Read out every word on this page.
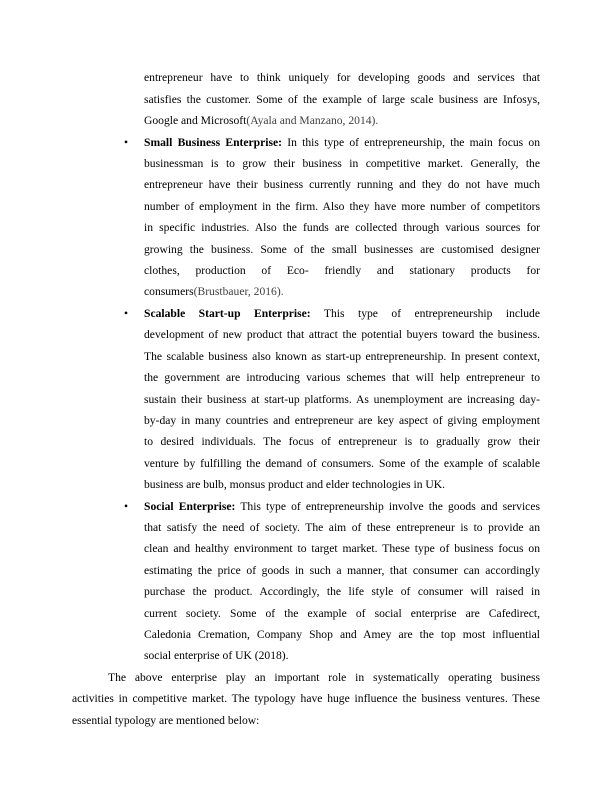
entrepreneur have to think uniquely for developing goods and services that
satisfies the customer. Some of the example of large scale business are Infosys,
Google and Microsoft(Ayala and Manzano, 2014).
• Small Business Enterprise: In this type of entrepreneurship, the main focus on
businessman is to grow their business in competitive market. Generally, the
entrepreneur have their business currently running and they do not have much
number of employment in the firm. Also they have more number of competitors
in specific industries. Also the funds are collected through various sources for
growing the business. Some of the small businesses are customised designer
clothes, production of Eco- friendly and stationary products for
consumers(Brustbauer, 2016).
• Scalable Start-up Enterprise: This type of entrepreneurship include
development of new product that attract the potential buyers toward the business.
The scalable business also known as start-up entrepreneurship. In present context,
the government are introducing various schemes that will help entrepreneur to
sustain their business at start-up platforms. As unemployment are increasing day-
by-day in many countries and entrepreneur are key aspect of giving employment
to desired individuals. The focus of entrepreneur is to gradually grow their
venture by fulfilling the demand of consumers. Some of the example of scalable
business are bulb, monsus product and elder technologies in UK.
• Social Enterprise: This type of entrepreneurship involve the goods and services
that satisfy the need of society. The aim of these entrepreneur is to provide an
clean and healthy environment to target market. These type of business focus on
estimating the price of goods in such a manner, that consumer can accordingly
purchase the product. Accordingly, the life style of consumer will raised in
current society. Some of the example of social enterprise are Cafedirect,
Caledonia Cremation, Company Shop and Amey are the top most influential
social enterprise of UK (2018).
The above enterprise play an important role in systematically operating business
activities in competitive market. The typology have huge influence the business ventures. These
essential typology are mentioned below:
